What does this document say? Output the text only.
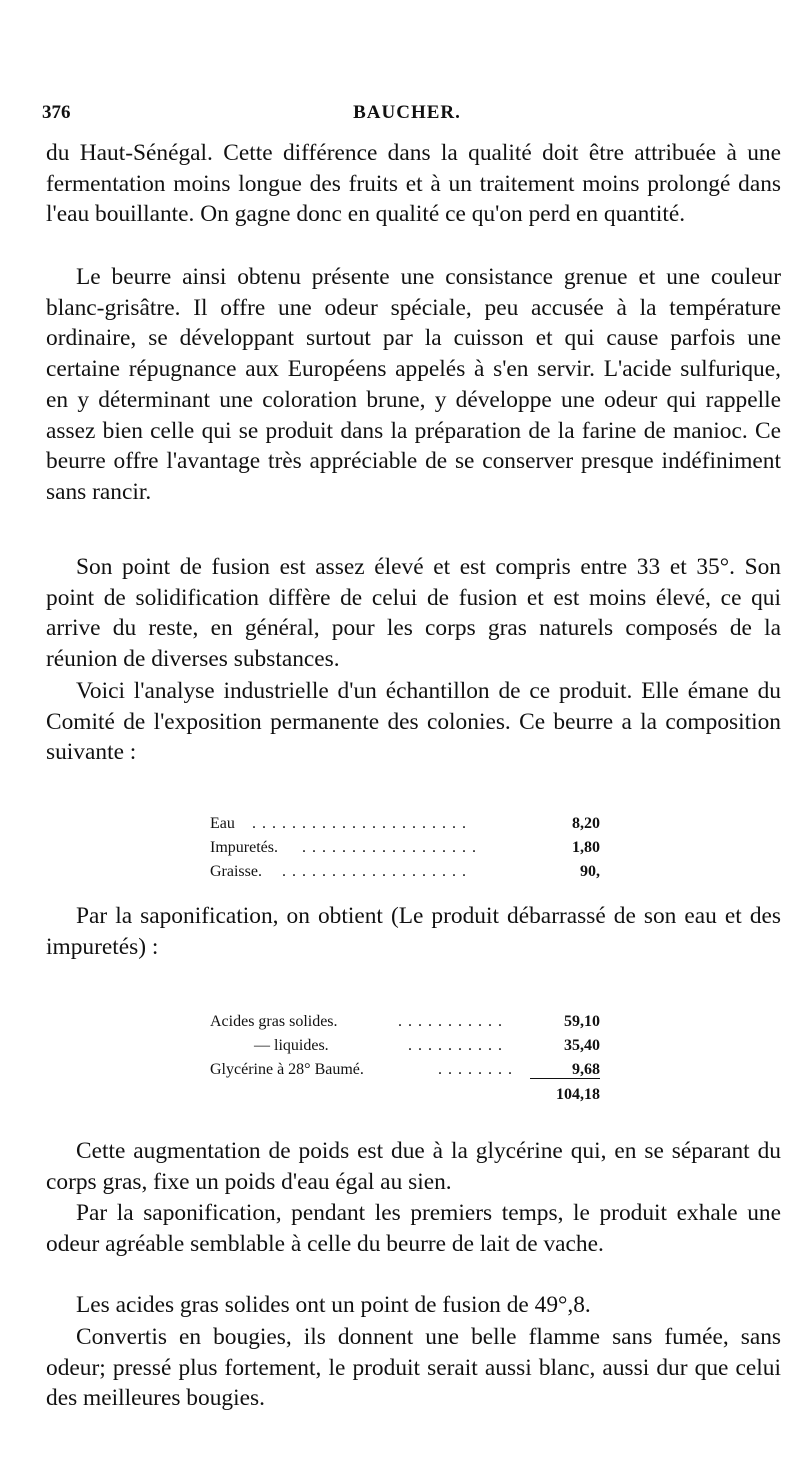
376	BAUCHER.

du Haut-Sénégal. Cette différence dans la qualité doit être attribuée à une fermentation moins longue des fruits et à un traitement moins prolongé dans l'eau bouillante. On gagne donc en qualité ce qu'on perd en quantité.

Le beurre ainsi obtenu présente une consistance grenue et une couleur blanc-grisâtre. Il offre une odeur spéciale, peu accusée à la température ordinaire, se développant surtout par la cuisson et qui cause parfois une certaine répugnance aux Européens appelés à s'en servir. L'acide sulfurique, en y déterminant une coloration brune, y développe une odeur qui rappelle assez bien celle qui se produit dans la préparation de la farine de manioc. Ce beurre offre l'avantage très appréciable de se conserver presque indéfiniment sans rancir.

Son point de fusion est assez élevé et est compris entre 33 et 35°. Son point de solidification diffère de celui de fusion et est moins élevé, ce qui arrive du reste, en général, pour les corps gras naturels composés de la réunion de diverses substances.

Voici l'analyse industrielle d'un échantillon de ce produit. Elle émane du Comité de l'exposition permanente des colonies. Ce beurre a la composition suivante :

Eau . . . . . . . . . . . . . . . . . . . . . .	8,20
Impuretés. . . . . . . . . . . . . . . . . . .	1,80
Graisse. . . . . . . . . . . . . . . . . . . .	90,

Par la saponification, on obtient (Le produit débarrassé de son eau et des impuretés) :

Acides gras solides.	. . . . . . . . . . .	59,10
— liquides.	. . . . . . . . . .	35,40
Glycérine à 28° Baumé.	. . . . . . . .	9,68
104,18

Cette augmentation de poids est due à la glycérine qui, en se séparant du corps gras, fixe un poids d'eau égal au sien.

Par la saponification, pendant les premiers temps, le produit exhale une odeur agréable semblable à celle du beurre de lait de vache.

Les acides gras solides ont un point de fusion de 49°,8.

Convertis en bougies, ils donnent une belle flamme sans fumée, sans odeur; pressé plus fortement, le produit serait aussi blanc, aussi dur que celui des meilleures bougies.
